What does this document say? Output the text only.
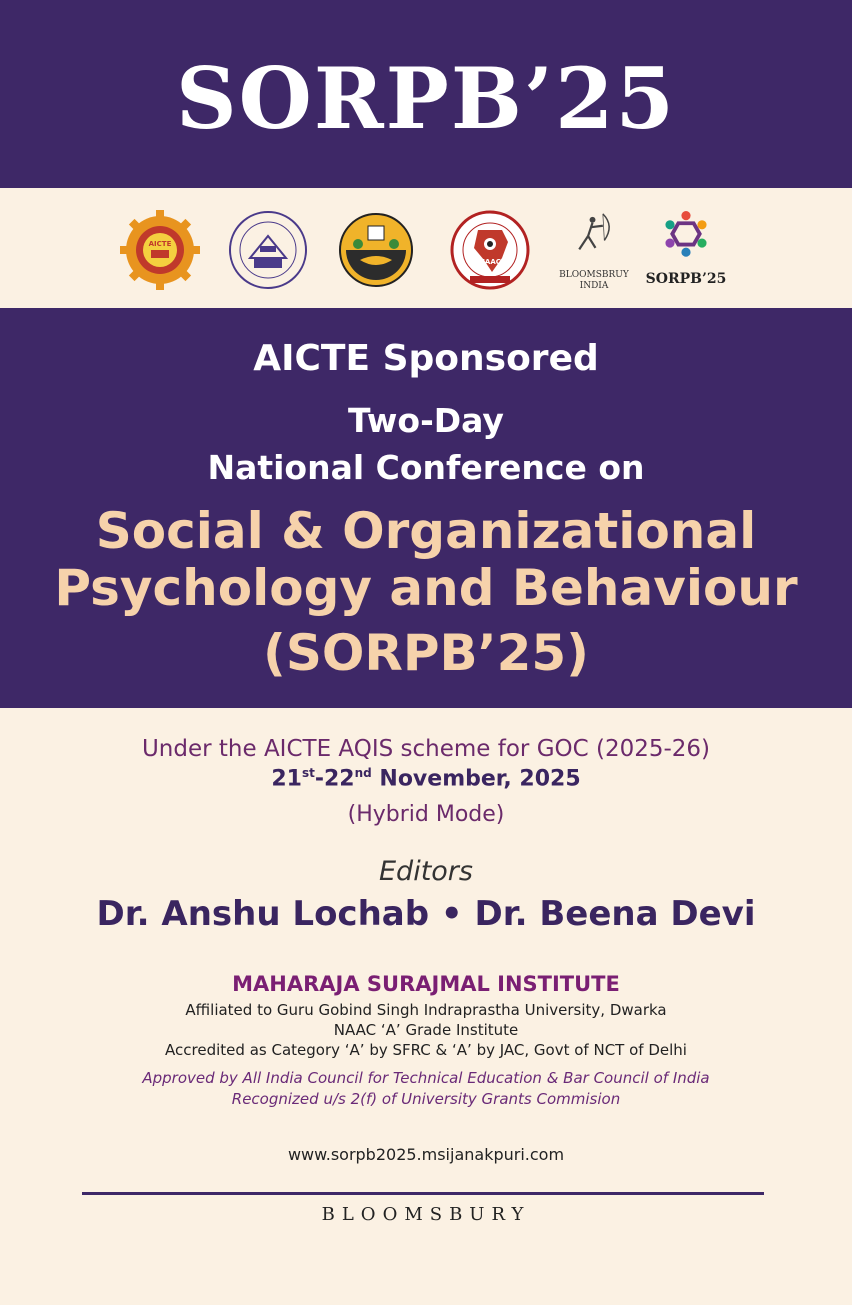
SORPB’25
AICTE
NAAC
BLOOMSBRUY
INDIA	SORPB’25
AICTE Sponsored
Two-Day
National Conference on
Social & Organizational
Psychology and Behaviour
(SORPB’25)
Under the AICTE AQIS scheme for GOC (2025-26)
21st-22nd November, 2025
(Hybrid Mode)
Editors
Dr. Anshu Lochab • Dr. Beena Devi
MAHARAJA SURAJMAL INSTITUTE
Affiliated to Guru Gobind Singh Indraprastha University, Dwarka
NAAC ‘A’ Grade Institute
Accredited as Category ‘A’ by SFRC & ‘A’ by JAC, Govt of NCT of Delhi
Approved by All India Council for Technical Education & Bar Council of India
Recognized u/s 2(f) of University Grants Commision
www.sorpb2025.msijanakpuri.com
BLOOMSBURY
